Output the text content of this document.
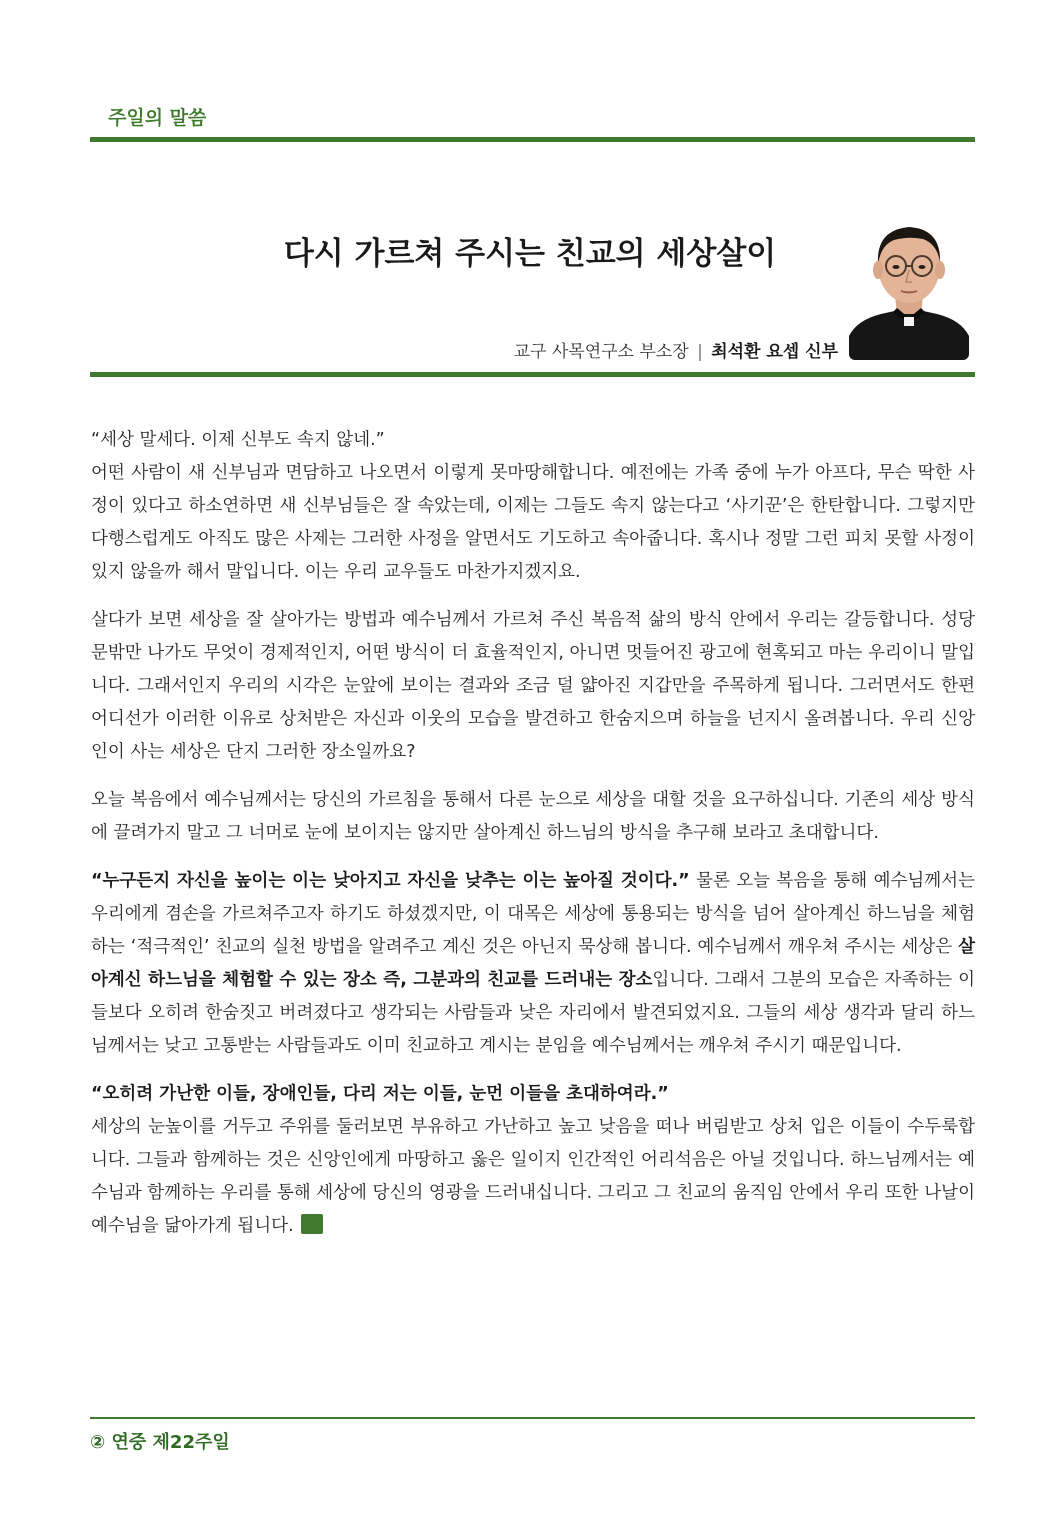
주일의 말씀
다시 가르쳐 주시는 친교의 세상살이
교구 사목연구소 부소장 | 최석환 요셉 신부

“세상 말세다. 이제 신부도 속지 않네.”
어떤 사람이 새 신부님과 면담하고 나오면서 이렇게 못마땅해합니다. 예전에는 가족 중에 누가 아프다, 무슨 딱한 사정이 있다고 하소연하면 새 신부님들은 잘 속았는데, 이제는 그들도 속지 않는다고 ‘사기꾼’은 한탄합니다. 그렇지만 다행스럽게도 아직도 많은 사제는 그러한 사정을 알면서도 기도하고 속아줍니다. 혹시나 정말 그런 피치 못할 사정이 있지 않을까 해서 말입니다. 이는 우리 교우들도 마찬가지겠지요.

살다가 보면 세상을 잘 살아가는 방법과 예수님께서 가르쳐 주신 복음적 삶의 방식 안에서 우리는 갈등합니다. 성당 문밖만 나가도 무엇이 경제적인지, 어떤 방식이 더 효율적인지, 아니면 멋들어진 광고에 현혹되고 마는 우리이니 말입니다. 그래서인지 우리의 시각은 눈앞에 보이는 결과와 조금 덜 얇아진 지갑만을 주목하게 됩니다. 그러면서도 한편 어디선가 이러한 이유로 상처받은 자신과 이웃의 모습을 발견하고 한숨지으며 하늘을 넌지시 올려봅니다. 우리 신앙인이 사는 세상은 단지 그러한 장소일까요?

오늘 복음에서 예수님께서는 당신의 가르침을 통해서 다른 눈으로 세상을 대할 것을 요구하십니다. 기존의 세상 방식에 끌려가지 말고 그 너머로 눈에 보이지는 않지만 살아계신 하느님의 방식을 추구해 보라고 초대합니다.

“누구든지 자신을 높이는 이는 낮아지고 자신을 낮추는 이는 높아질 것이다.” 물론 오늘 복음을 통해 예수님께서는 우리에게 겸손을 가르쳐주고자 하기도 하셨겠지만, 이 대목은 세상에 통용되는 방식을 넘어 살아계신 하느님을 체험하는 ‘적극적인’ 친교의 실천 방법을 알려주고 계신 것은 아닌지 묵상해 봅니다. 예수님께서 깨우쳐 주시는 세상은 살아계신 하느님을 체험할 수 있는 장소 즉, 그분과의 친교를 드러내는 장소입니다. 그래서 그분의 모습은 자족하는 이들보다 오히려 한숨짓고 버려졌다고 생각되는 사람들과 낮은 자리에서 발견되었지요. 그들의 세상 생각과 달리 하느님께서는 낮고 고통받는 사람들과도 이미 친교하고 계시는 분임을 예수님께서는 깨우쳐 주시기 때문입니다.

“오히려 가난한 이들, 장애인들, 다리 저는 이들, 눈먼 이들을 초대하여라.”
세상의 눈높이를 거두고 주위를 둘러보면 부유하고 가난하고 높고 낮음을 떠나 버림받고 상처 입은 이들이 수두룩합니다. 그들과 함께하는 것은 신앙인에게 마땅하고 옳은 일이지 인간적인 어리석음은 아닐 것입니다. 하느님께서는 예수님과 함께하는 우리를 통해 세상에 당신의 영광을 드러내십니다. 그리고 그 친교의 움직임 안에서 우리 또한 나날이 예수님을 닮아가게 됩니다.

② 연중 제22주일
